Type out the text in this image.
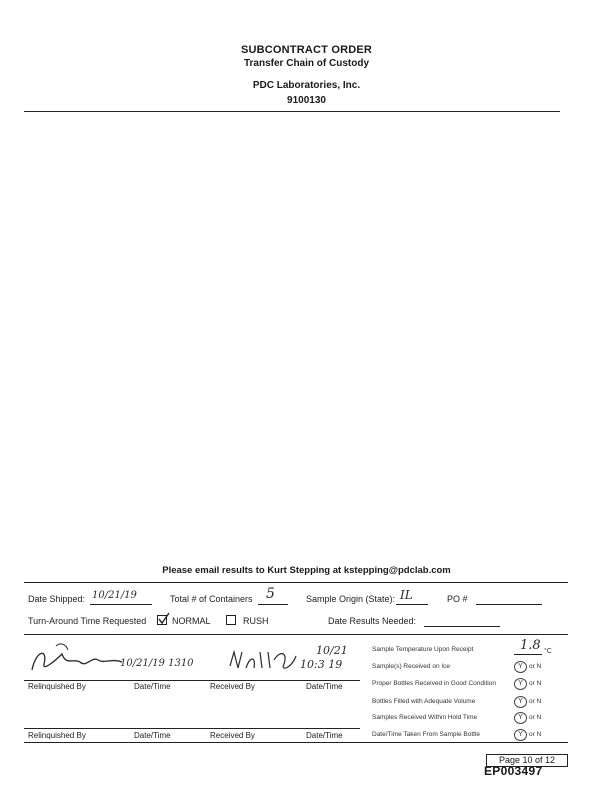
SUBCONTRACT ORDER
Transfer Chain of Custody
PDC Laboratories, Inc.
9100130
Please email results to Kurt Stepping at kstepping@pdclab.com
Date Shipped: 10/21/19	Total # of Containers 5	Sample Origin (State): IL	PO #
Turn-Around Time Requested	NORMAL	RUSH	Date Results Needed:
10/21/19 1310
10/21
10:3 19
Relinquished By	Date/Time	Received By	Date/Time
Relinquished By	Date/Time	Received By	Date/Time
Sample Temperature Upon Receipt	1.8 °C
Sample(s) Received on Ice	Y or N
Proper Bottles Received in Good Condition	Y or N
Bottles Filled with Adequate Volume	Y or N
Samples Received Within Hold Time	Y or N
Date/Time Taken From Sample Bottle	Y or N
Page 10 of 12
EP003497
